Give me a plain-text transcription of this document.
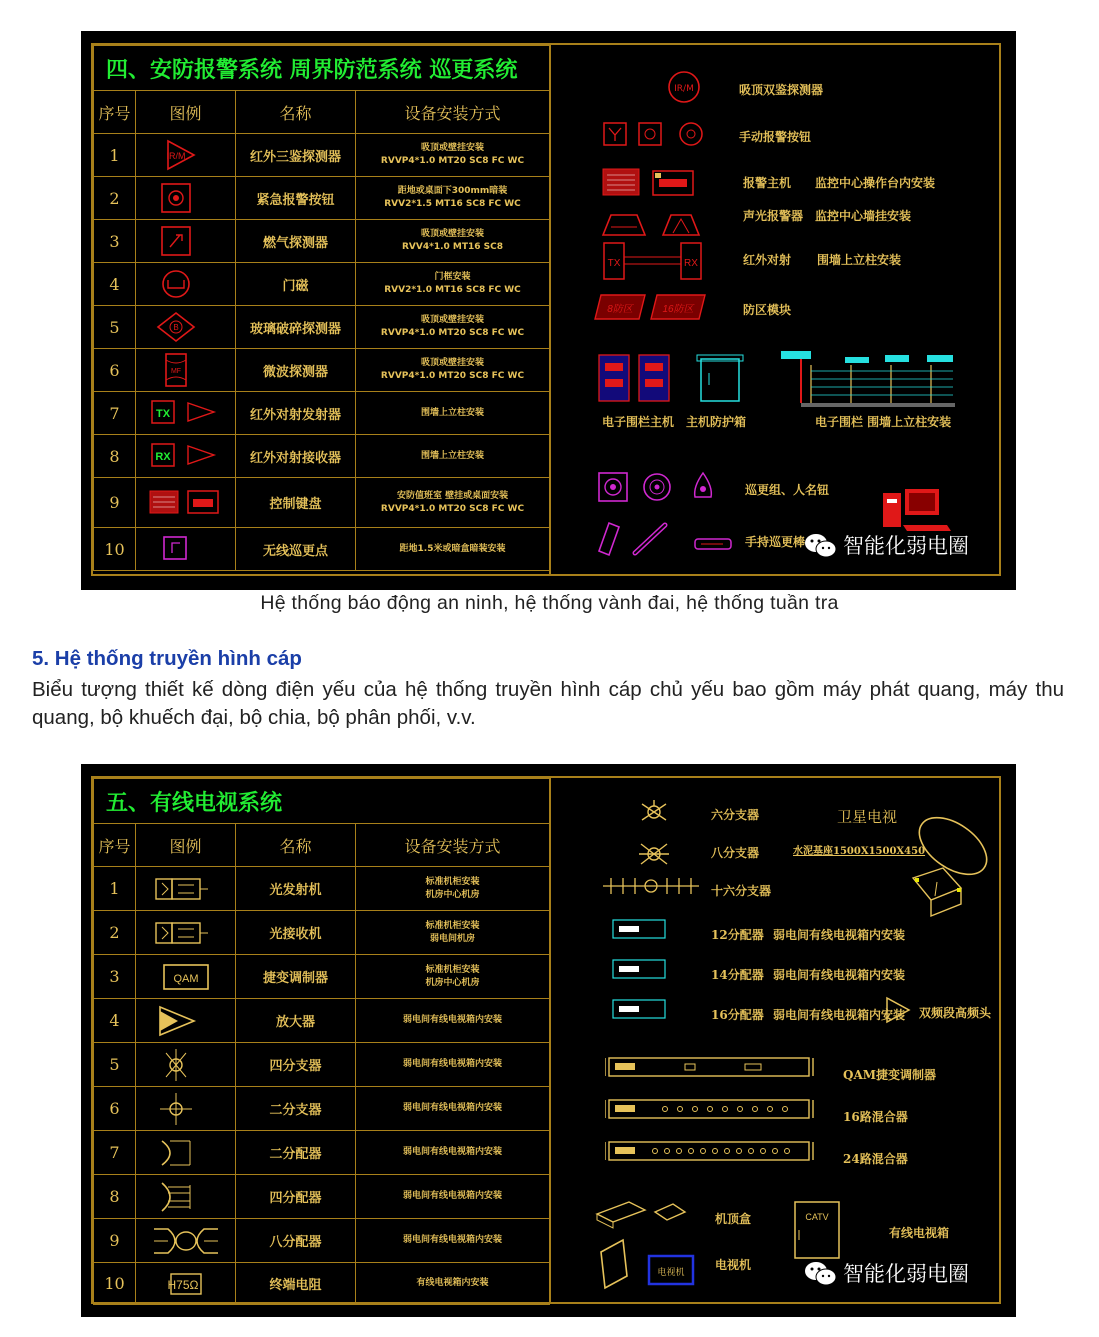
四、安防报警系统 周界防范系统 巡更系统			
序号	图例	名称	设备安装方式
1	IR/M	红外三鉴探测器	吸顶或壁挂安装
RVVP4*1.0 MT20 SC8 FC WC
2		紧急报警按钮	距地或桌面下300mm暗装
RVV2*1.5 MT16 SC8 FC WC
3		燃气探测器	吸顶或壁挂安装
RVV4*1.0 MT16 SC8
4		门磁	门框安装
RVV2*1.0 MT16 SC8 FC WC
5	B	玻璃破碎探测器	吸顶或壁挂安装
RVVP4*1.0 MT20 SC8 FC WC
6	MF	微波探测器	吸顶或壁挂安装
RVVP4*1.0 MT20 SC8 FC WC
7	TX	红外对射发射器	围墙上立柱安装
8	RX	红外对射接收器	围墙上立柱安装
9		控制键盘	安防值班室 壁挂或桌面安装
RVVP4*1.0 MT20 SC8 FC WC
10		无线巡更点	距地1.5米或暗盒暗装安装
IR/M	吸顶双鉴探测器
手动报警按钮
报警主机 监控中心操作台内安装
声光报警器 监控中心墙挂安装
TX	RX	红外对射 围墙上立柱安装
8防区	16防区	防区模块
电子围栏主机 主机防护箱	电子围栏 围墙上立柱安装
巡更组、人名钮
手持巡更棒 智能化弱电圈
Hệ thống báo động an ninh, hệ thống vành đai, hệ thống tuần tra
5. Hệ thống truyền hình cáp
Biểu tượng thiết kế dòng điện yếu của hệ thống truyền hình cáp chủ yếu bao gồm máy phát quang, máy thu quang, bộ khuếch đại, bộ chia, bộ phân phối, v.v.
五、有线电视系统			
序号	图例	名称	设备安装方式
1		光发射机	标准机柜安装
机房中心机房
2		光接收机	标准机柜安装
弱电间机房
3	QAM	捷变调制器	标准机柜安装
机房中心机房
4		放大器	弱电间有线电视箱内安装
5		四分支器	弱电间有线电视箱内安装
6		二分支器	弱电间有线电视箱内安装
7		二分配器	弱电间有线电视箱内安装
8		四分配器	弱电间有线电视箱内安装
9		八分配器	弱电间有线电视箱内安装
10	H75Ω	终端电阻	有线电视箱内安装
六分支器
八分支器
十六分支器
卫星电视
水泥基座1500X1500X450
12分配器 弱电间有线电视箱内安装
14分配器 弱电间有线电视箱内安装
16分配器 弱电间有线电视箱内安装 双频段高频头
QAM捷变调制器
16路混合器
24路混合器
电视机
机顶盒
电视机
CATV
有线电视箱
智能化弱电圈
